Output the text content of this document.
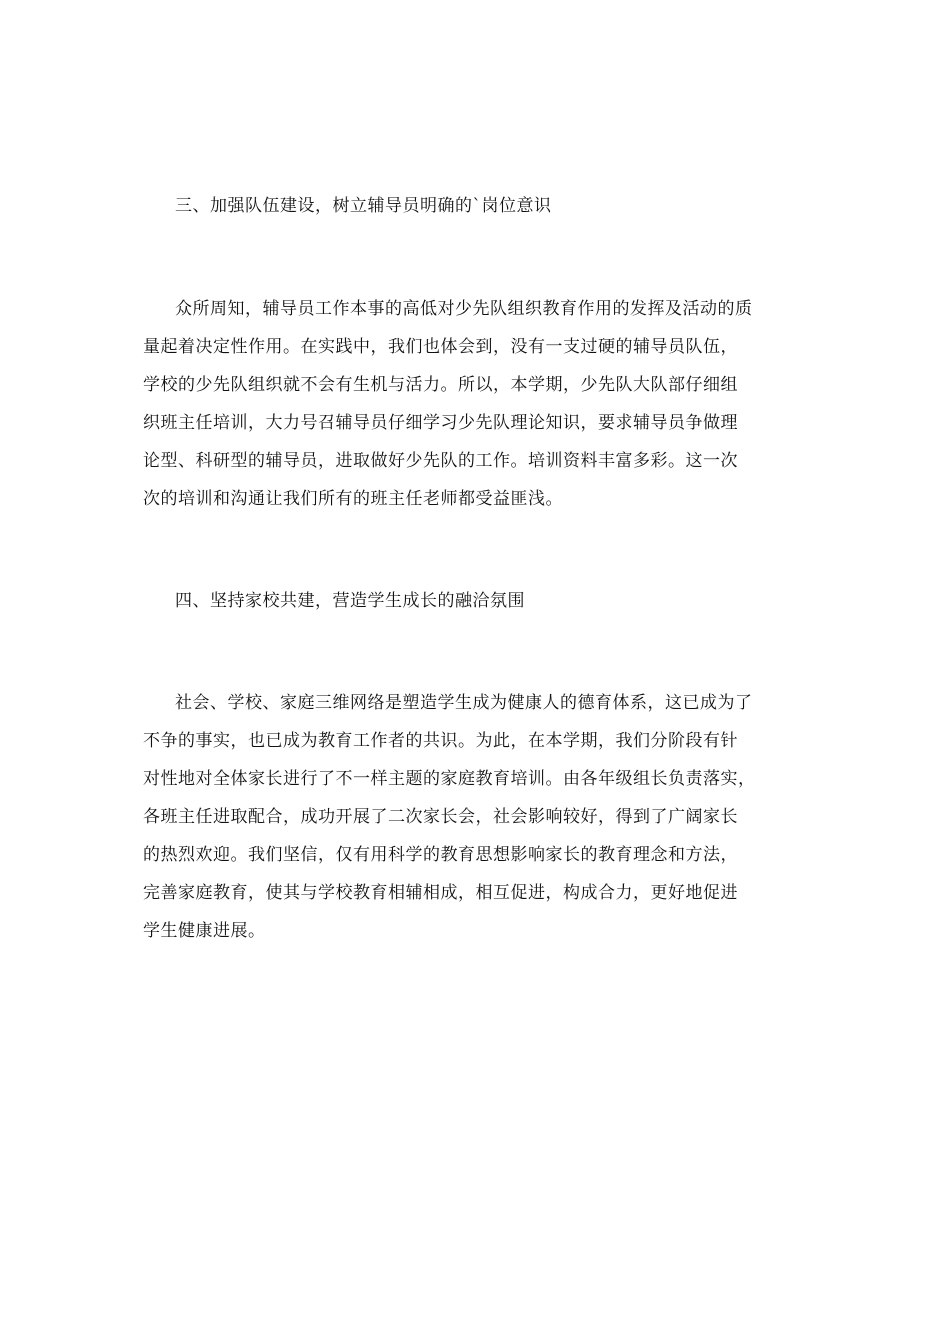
三、加强队伍建设，树立辅导员明确的`岗位意识
众所周知，辅导员工作本事的高低对少先队组织教育作用的发挥及活动的质
量起着决定性作用。在实践中，我们也体会到，没有一支过硬的辅导员队伍，
学校的少先队组织就不会有生机与活力。所以，本学期，少先队大队部仔细组
织班主任培训，大力号召辅导员仔细学习少先队理论知识，要求辅导员争做理
论型、科研型的辅导员，进取做好少先队的工作。培训资料丰富多彩。这一次
次的培训和沟通让我们所有的班主任老师都受益匪浅。
四、坚持家校共建，营造学生成长的融洽氛围
社会、学校、家庭三维网络是塑造学生成为健康人的德育体系，这已成为了
不争的事实，也已成为教育工作者的共识。为此，在本学期，我们分阶段有针
对性地对全体家长进行了不一样主题的家庭教育培训。由各年级组长负责落实，
各班主任进取配合，成功开展了二次家长会，社会影响较好，得到了广阔家长
的热烈欢迎。我们坚信，仅有用科学的教育思想影响家长的教育理念和方法，
完善家庭教育，使其与学校教育相辅相成，相互促进，构成合力，更好地促进
学生健康进展。
